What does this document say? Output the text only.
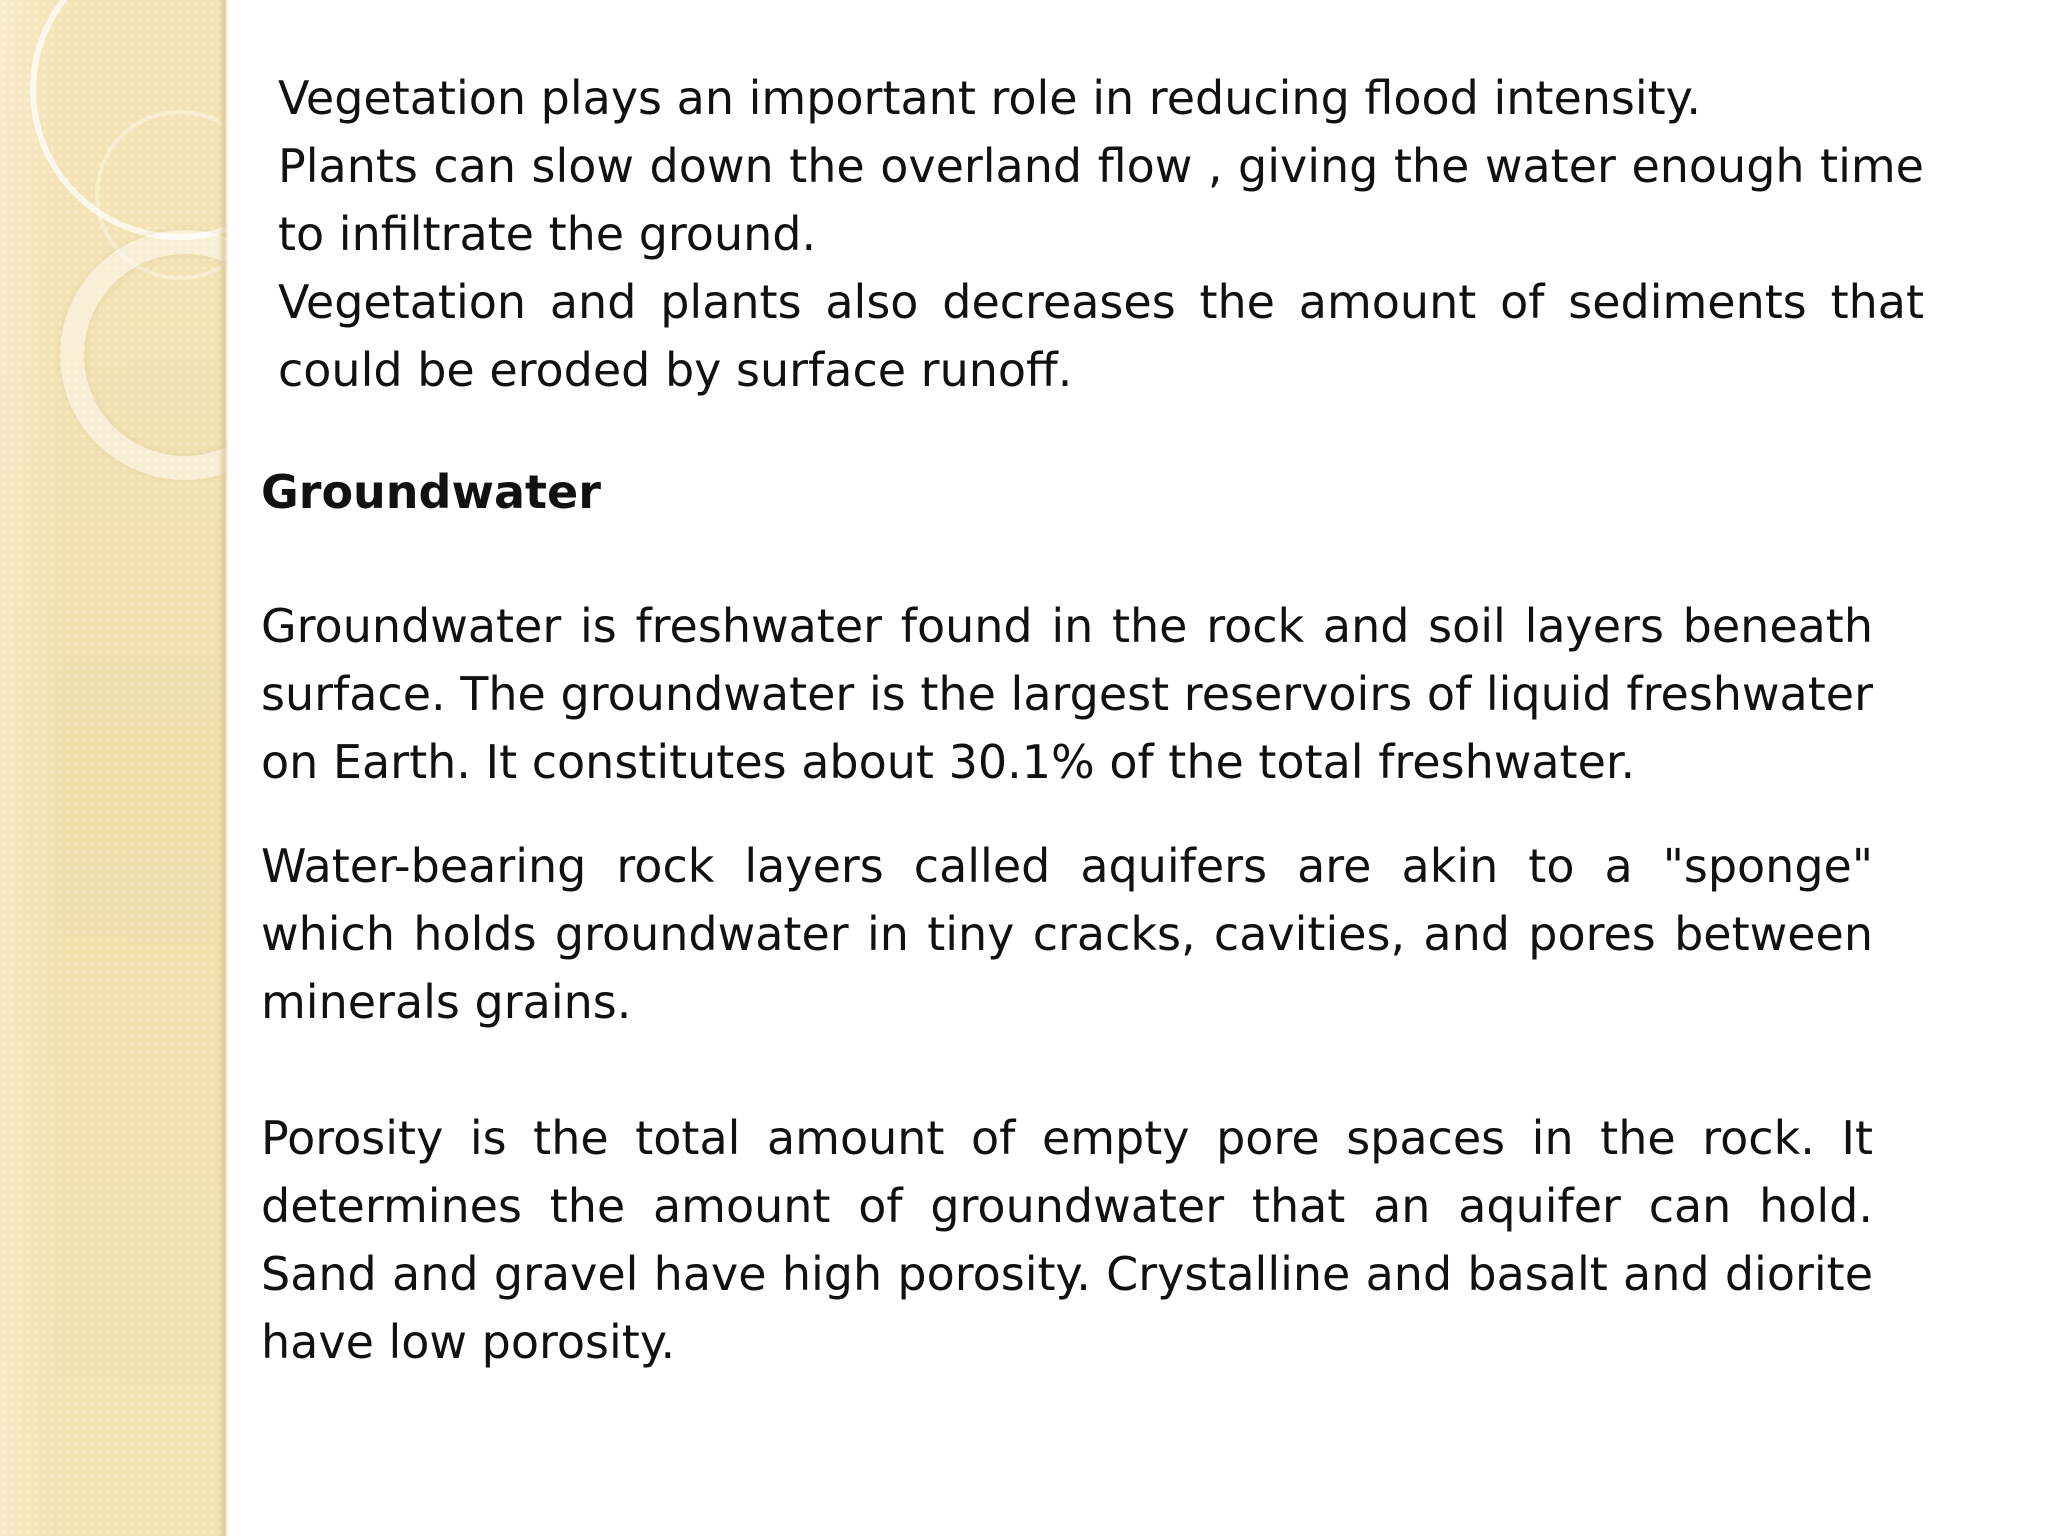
Vegetation plays an important role in reducing flood intensity.

Plants can slow down the overland flow , giving the water enough time to infiltrate the ground.

Vegetation and plants also decreases the amount of sediments that could be eroded by surface runoff.

Groundwater

Groundwater is freshwater found in the rock and soil layers beneath surface. The groundwater is the largest reservoirs of liquid freshwater on Earth. It constitutes about 30.1% of the total freshwater.

Water-bearing rock layers called aquifers are akin to a "sponge" which holds groundwater in tiny cracks, cavities, and pores between minerals grains.

Porosity is the total amount of empty pore spaces in the rock. It determines the amount of groundwater that an aquifer can hold. Sand and gravel have high porosity. Crystalline and basalt and diorite have low porosity.
